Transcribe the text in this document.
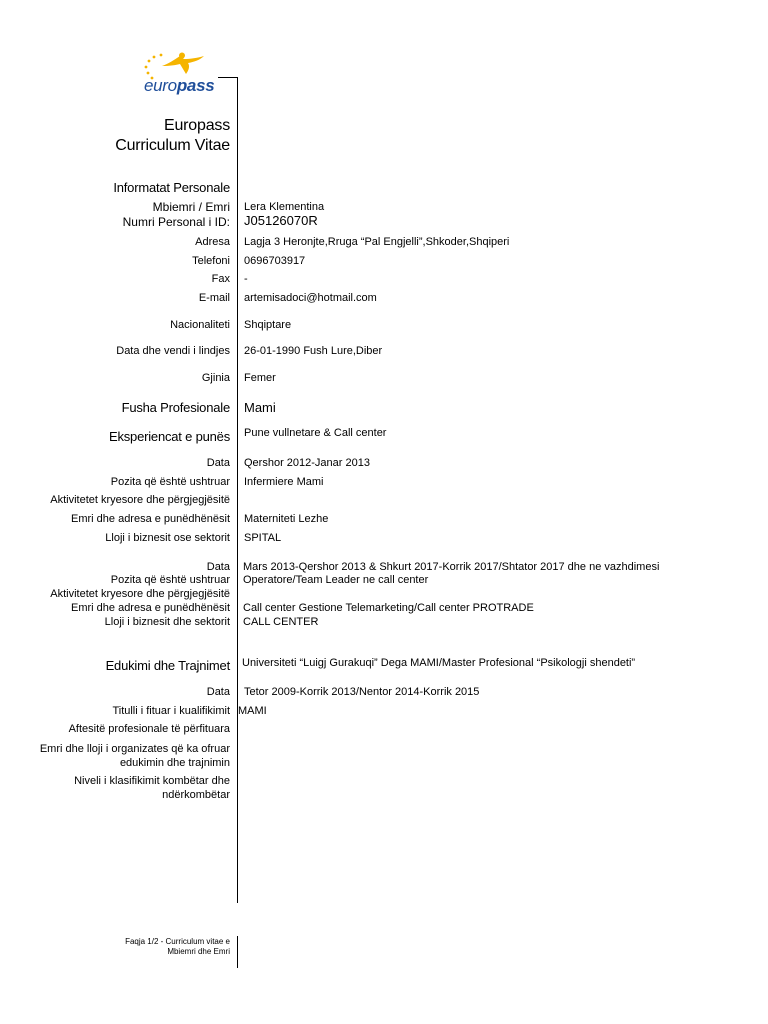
europass
Europass
Curriculum Vitae
Informatat Personale
Mbiemri / Emri Lera Klementina
Numri Personal i ID: J05126070R
Adresa Lagja 3 Heronjte,Rruga “Pal Engjelli”,Shkoder,Shqiperi
Telefoni 0696703917
Fax -
E-mail artemisadoci@hotmail.com
Nacionaliteti Shqiptare
Data dhe vendi i lindjes 26-01-1990 Fush Lure,Diber
Gjinia Femer
Fusha Profesionale Mami
Eksperiencat e punës Pune vullnetare & Call center
Data Qershor 2012-Janar 2013
Pozita që është ushtruar Infermiere Mami
Aktivitetet kryesore dhe përgjegjësitë
Emri dhe adresa e punëdhënësit Materniteti Lezhe
Lloji i biznesit ose sektorit SPITAL
Data Mars 2013-Qershor 2013 & Shkurt 2017-Korrik 2017/Shtator 2017 dhe ne vazhdimesi
Pozita që është ushtruar Operatore/Team Leader ne call center
Aktivitetet kryesore dhe përgjegjësitë
Emri dhe adresa e punëdhënësit Call center Gestione Telemarketing/Call center PROTRADE
Lloji i biznesit dhe sektorit CALL CENTER
Edukimi dhe Trajnimet Universiteti “Luigj Gurakuqi” Dega MAMI/Master Profesional “Psikologji shendeti”
Data Tetor 2009-Korrik 2013/Nentor 2014-Korrik 2015
Titulli i fituar i kualifikimit MAMI
Aftesitë profesionale të përfituara
Emri dhe lloji i organizates që ka ofruar
edukimin dhe trajnimin
Niveli i klasifikimit kombëtar dhe
ndërkombëtar
Faqja 1/2 - Curriculum vitae e
Mbiemri dhe Emri
